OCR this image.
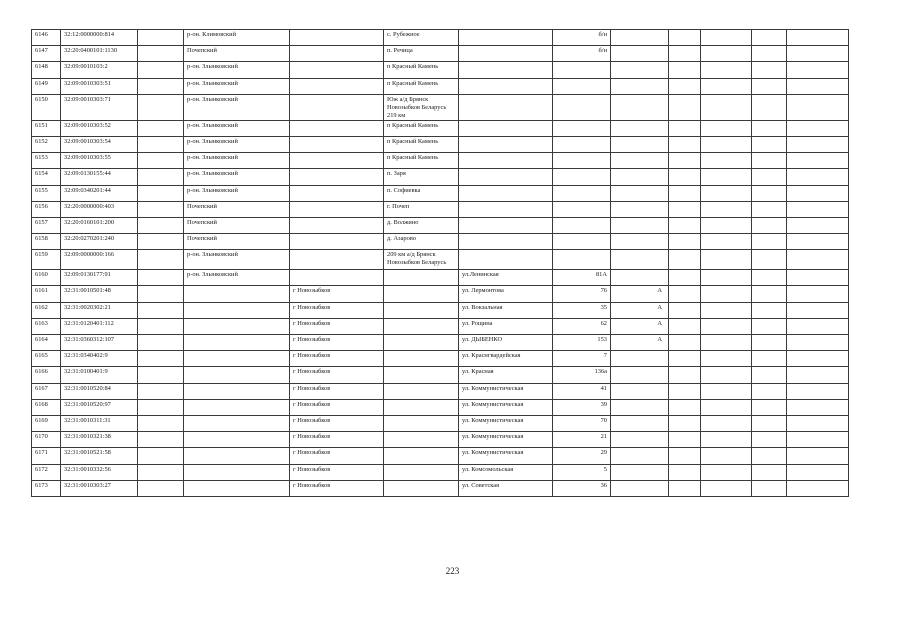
6146	32:12:0000000:814		р-он. Климовский		с. Рубежное		б/н					
6147	32:20:0400101:1130		Почепский		п. Речица		б/н					
6148	32:09:0010103:2		р-он. Злынковский		п Красный Камень							
6149	32:09:0010303:51		р-он. Злынковский		п Красный Камень							
6150	32:09:0010303:71		р-он. Злынковский		Юж а/д Брянск Новозыбков Беларусь 219 км							
6151	32:09:0010303:52		р-он. Злынковский		п Красный Камень							
6152	32:09:0010303:54		р-он. Злынковский		п Красный Камень							
6153	32:09:0010303:55		р-он. Злынковский		п Красный Камень							
6154	32:09:0130155:44		р-он. Злынковский		п. Заря							
6155	32:09:0340201:44		р-он. Злынковский		п. Софиевка							
6156	32:20:0000000:403		Почепский		г. Почеп							
6157	32:20:0160101:200		Почепский		д. Волжино							
6158	32:20:0270201:240		Почепский		д. Азарово							
6159	32:09:0000000:166		р-он. Злынковский		209 км а/д Брянск Новозыбков Беларусь							
6160	32:09:0130177:91		р-он. Злынковский			ул.Ленинская	81А					
6161	32:31:0010501:48			г Новозыбков		ул. Лермонтова	76	А				
6162	32:31:0020302:21			г Новозыбков		ул. Вокзальная	35	А				
6163	32:31:0120401:112			г Новозыбков		ул. Рощина	62	А				
6164	32:31:0360312:107			г Новозыбков		ул. ДЫБЕНКО	153	А				
6165	32:31:0340402:9			г Новозыбков		ул. Краснгвардейская	7					
6166	32:31:0100401:9			г Новозыбков		ул. Красная	136а					
6167	32:31:0010520:84			г Новозыбков		ул. Коммунистическая	41					
6168	32:31:0010520:97			г Новозыбков		ул. Коммунистическая	39					
6169	32:31:0010311:31			г Новозыбков		ул. Коммунистическая	70					
6170	32:31:0010321:38			г Новозыбков		ул. Коммунистическая	21					
6171	32:31:0010521:58			г Новозыбков		ул. Коммунистическая	29					
6172	32:31:0010332:56			г Новозыбков		ул. Комсомольская	5					
6173	32:31:0010303:27			г Новозыбков		ул. Советская	36					
223
